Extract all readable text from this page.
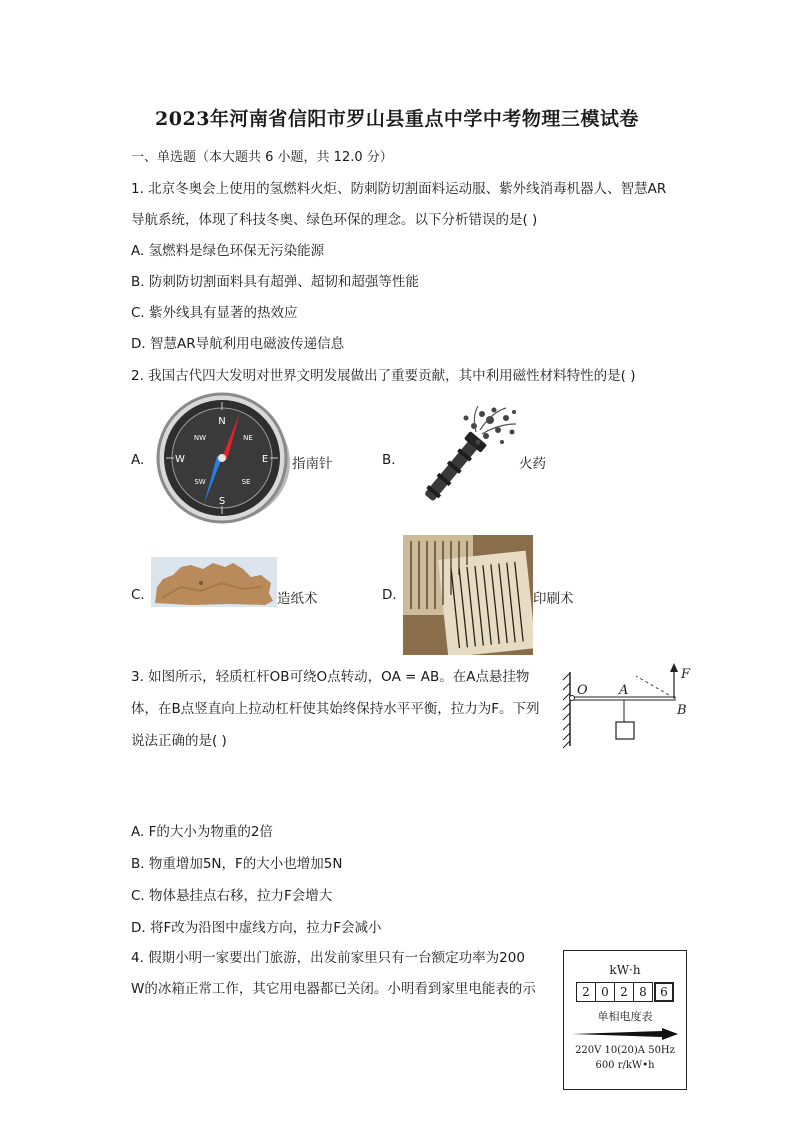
2023年河南省信阳市罗山县重点中学中考物理三模试卷
一、单选题（本大题共 6 小题，共 12.0 分）
1. 北京冬奥会上使用的氢燃料火炬、防刺防切割面料运动服、紫外线消毒机器人、智慧AR
导航系统，体现了科技冬奥、绿色环保的理念。以下分析错误的是( )
A. 氢燃料是绿色环保无污染能源
B. 防刺防切割面料具有超弹、超韧和超强等性能
C. 紫外线具有显著的热效应
D. 智慧AR导航利用电磁波传递信息
2. 我国古代四大发明对世界文明发展做出了重要贡献，其中利用磁性材料特性的是( )
A.
N
S
E
W
NE
NW
SE
SW
指南针	B.	火药
C.	造纸术	D.	印刷术
3. 如图所示，轻质杠杆OB可绕O点转动，OA = AB。在A点悬挂物
体，在B点竖直向上拉动杠杆使其始终保持水平平衡，拉力为F。下列
说法正确的是( )
O A
B
F
A. F的大小为物重的2倍
B. 物重增加5N，F的大小也增加5N
C. 物体悬挂点右移，拉力F会增大
D. 将F改为沿图中虚线方向，拉力F会减小
4. 假期小明一家要出门旅游，出发前家里只有一台额定功率为200
W的冰箱正常工作，其它用电器都已关闭。小明看到家里电能表的示
kW·h
2 0 2 8	6
单相电度表
220V 10(20)A 50Hz
600 r/kW•h
